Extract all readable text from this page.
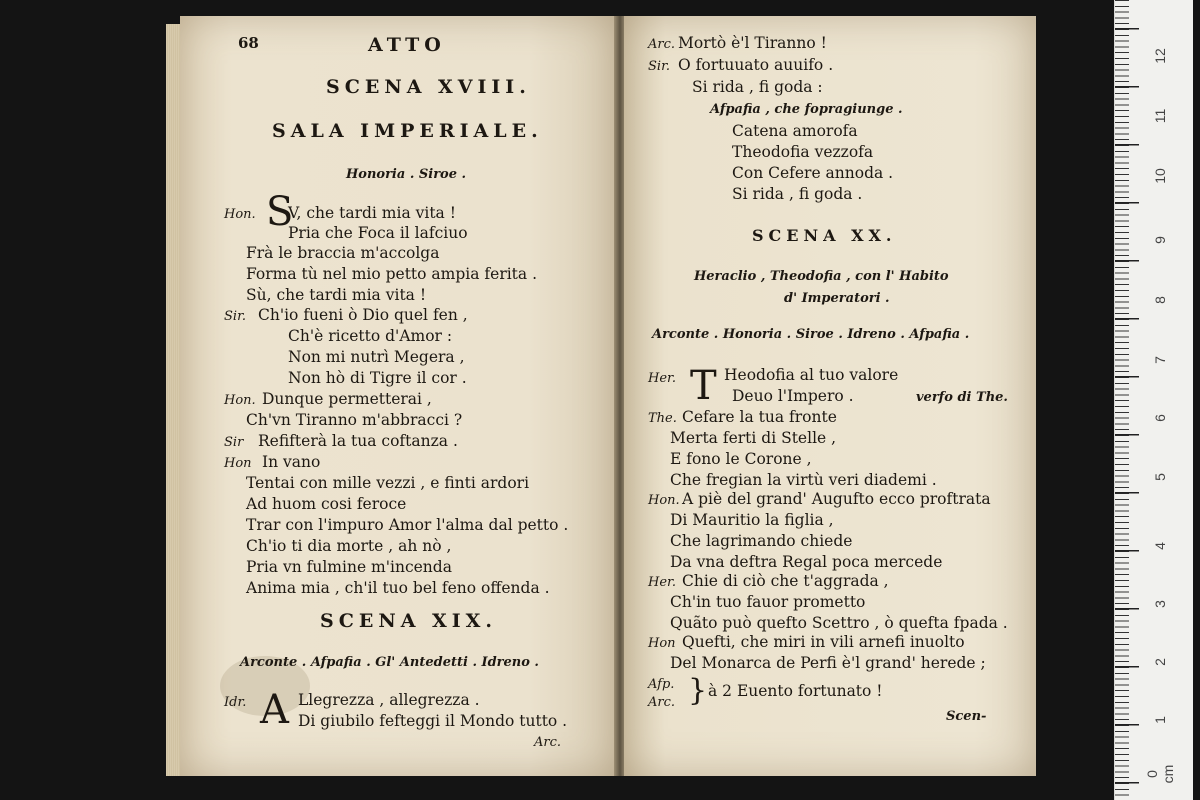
68	ATTO
SCENA XVIII.
SALA IMPERIALE.
Honoria . Siroe .
S
Hon. V, che tardi mia vita !
Pria che Foca il lafciuo
Frà le braccia m'accolga
Forma tù nel mio petto ampia ferita .
Sù, che tardi mia vita !
Sir. Ch'io fueni ò Dio quel fen ,
Ch'è ricetto d'Amor :
Non mi nutrì Megera ,
Non hò di Tigre il cor .
Hon. Dunque permetterai ,
Ch'vn Tiranno m'abbracci ?
Sir Refifterà la tua coftanza .
Hon In vano
Tentai con mille vezzi , e finti ardori
Ad huom cosi feroce
Trar con l'impuro Amor l'alma dal petto .
Ch'io ti dia morte , ah nò ,
Pria vn fulmine m'incenda
Anima mia , ch'il tuo bel feno offenda .
SCENA XIX.
Arconte . Afpafia . Gl' Antedetti . Idreno .
Idr. A Llegrezza , allegrezza .
Di giubilo fefteggi il Mondo tutto .
Arc.
Arc. Mortò è'l Tiranno !
Sir. O fortuuato auuifo .
Si rida , fi goda :
Afpafia , che fopragiunge .
Catena amorofa
Theodofia vezzofa
Con Cefere annoda .
Si rida , fi goda .
SCENA XX.
Heraclio , Theodofia , con l' Habito
d' Imperatori .
Arconte . Honoria . Siroe . Idreno . Afpafia .
Her. T Heodofia al tuo valore
Deuo l'Impero .	verfo di The.
The. Cefare la tua fronte
Merta ferti di Stelle ,
E fono le Corone ,
Che fregian la virtù veri diademi .
Hon. A piè del grand' Augufto ecco proftrata
Di Mauritio la figlia ,
Che lagrimando chiede
Da vna deftra Regal poca mercede
Her. Chie di ciò che t'aggrada ,
Ch'in tuo fauor prometto
Quãto può quefto Scettro , ò quefta fpada .
Hon Quefti, che miri in vili arnefi inuolto
Del Monarca de Perfi è'l grand' herede ;
Afp.
Arc. } à 2 Euento fortunato !
Scen-
0 cm
1
2
3
4
5
6
7
8
9
10
11
12
